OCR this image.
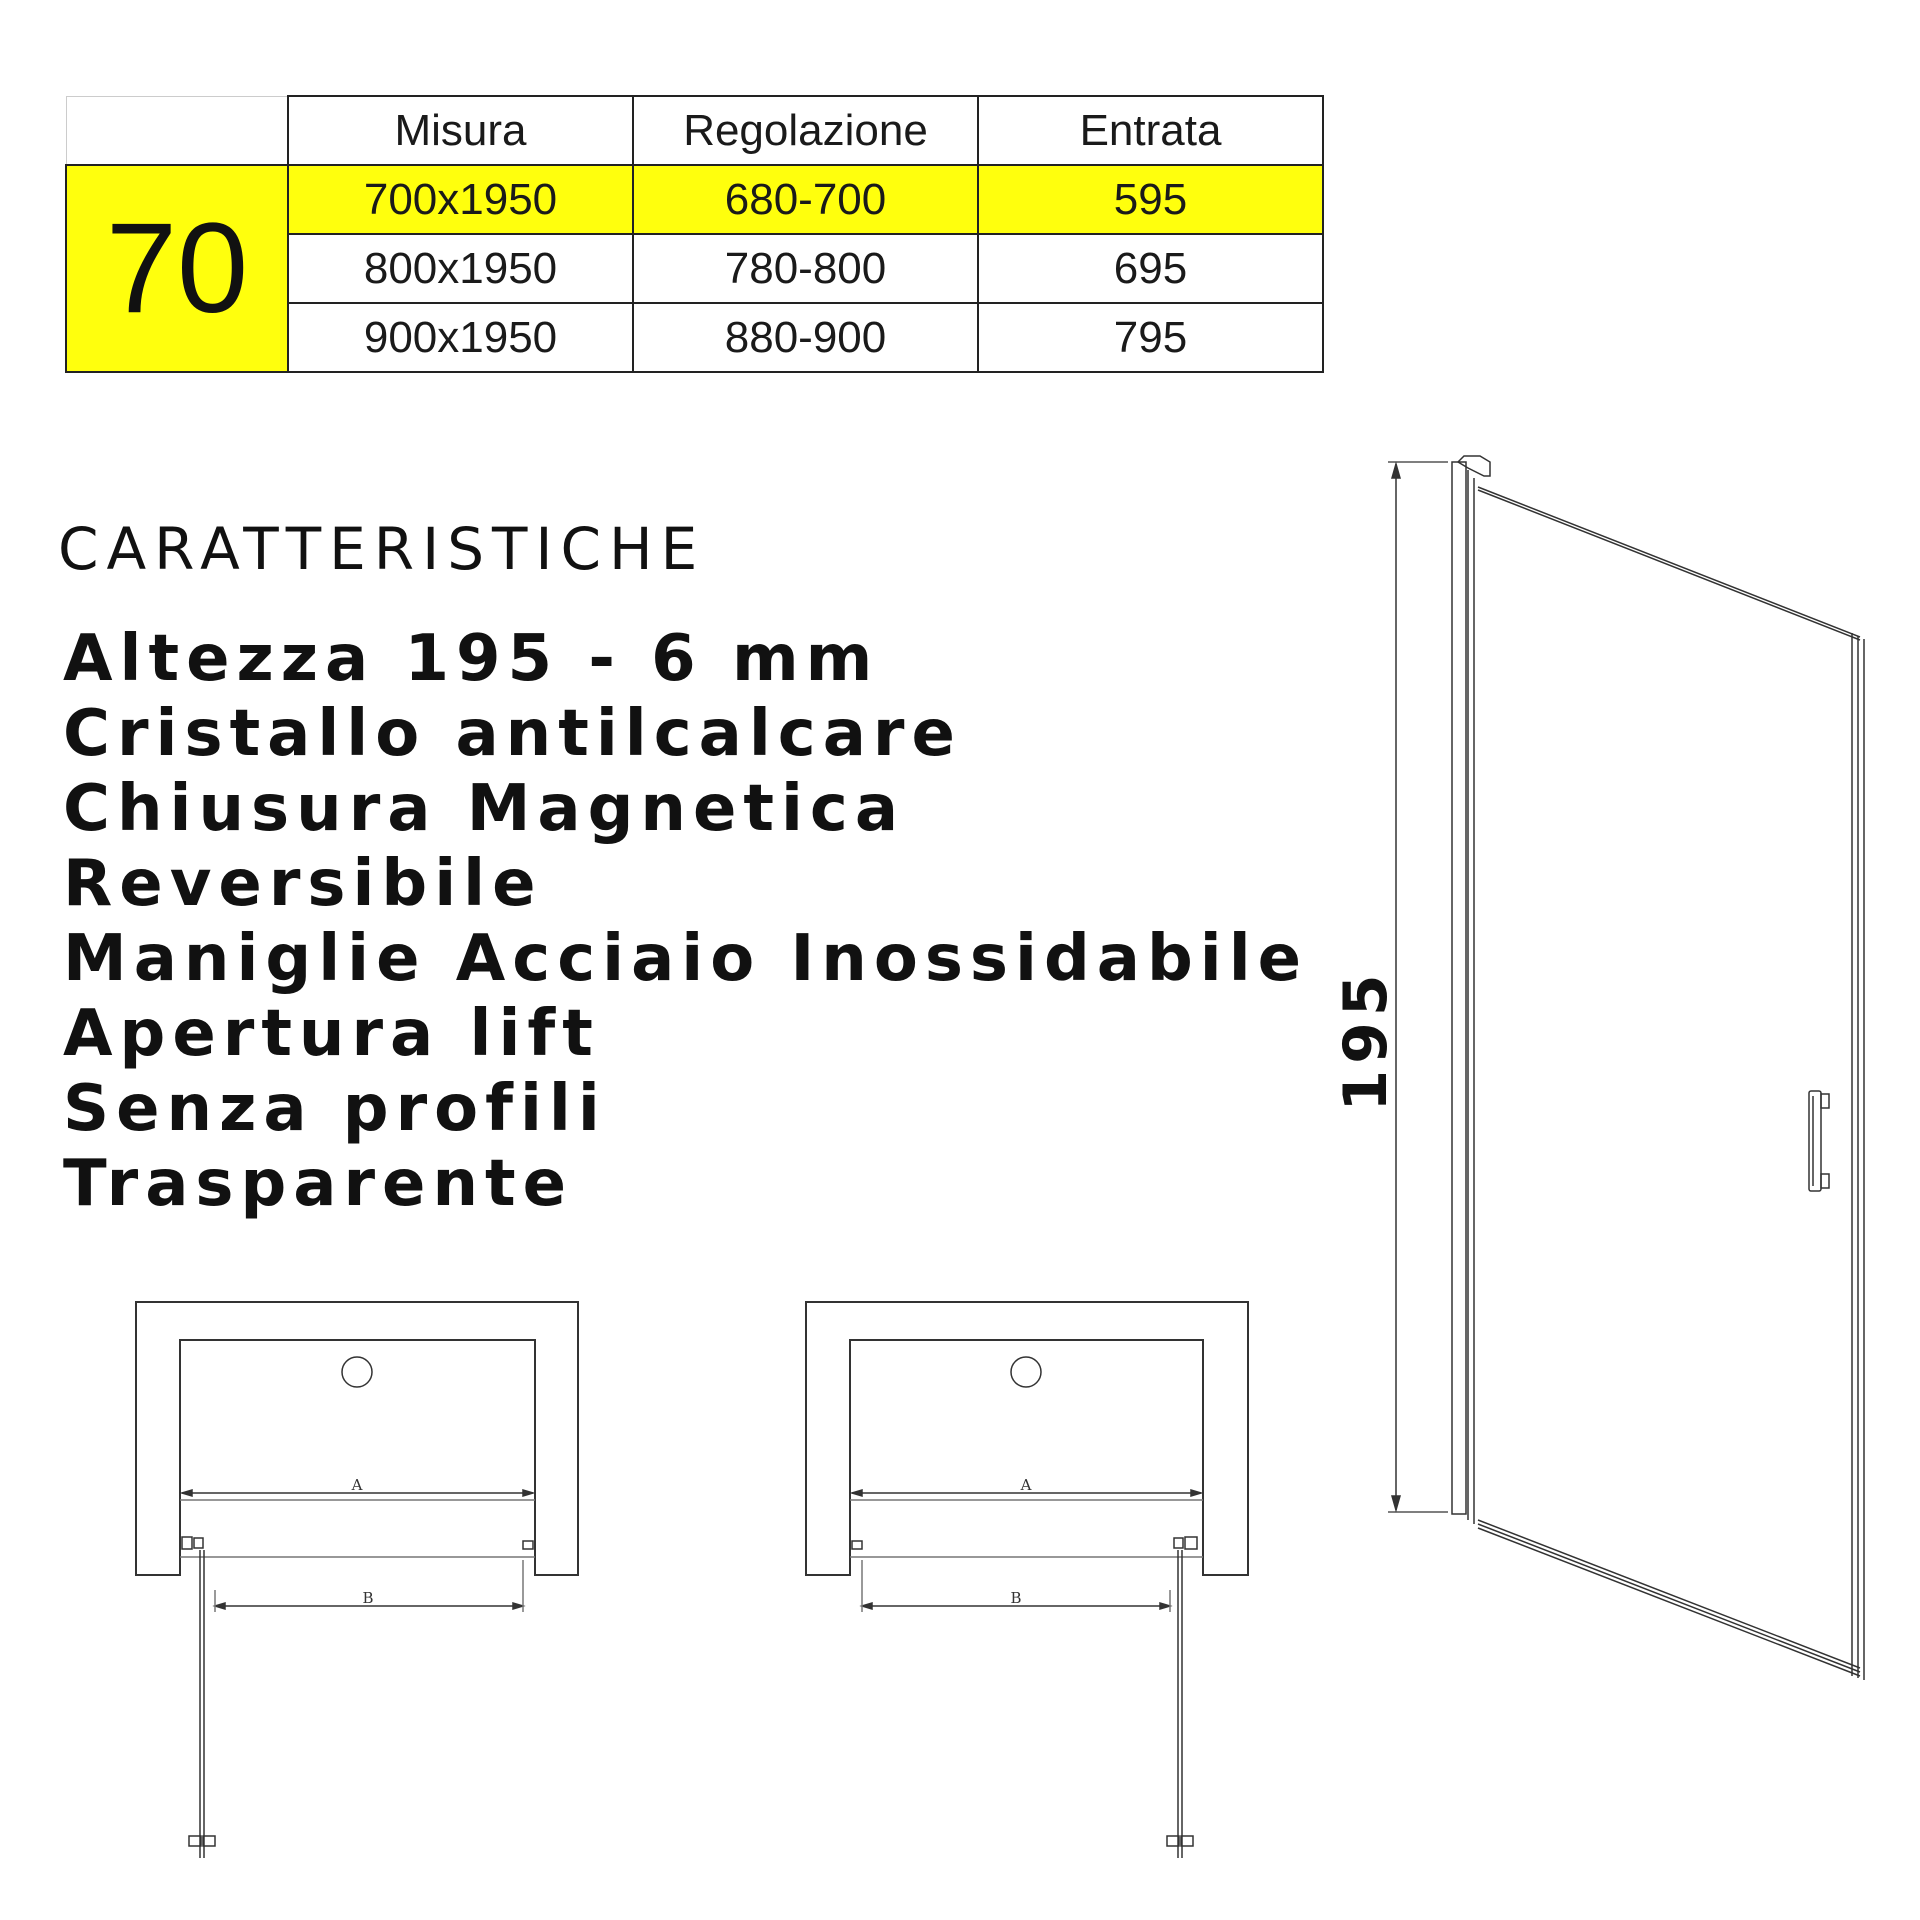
	Misura	Regolazione	Entrata
70	700x1950	680-700	595
	800x1950	780-800	695
	900x1950	880-900	795
CARATTERISTICHE
Altezza 195 - 6 mm
Cristallo antilcalcare
Chiusura Magnetica
Reversibile
Maniglie Acciaio Inossidabile
Apertura lift
Senza profili
Trasparente
A
B
A
B
195
